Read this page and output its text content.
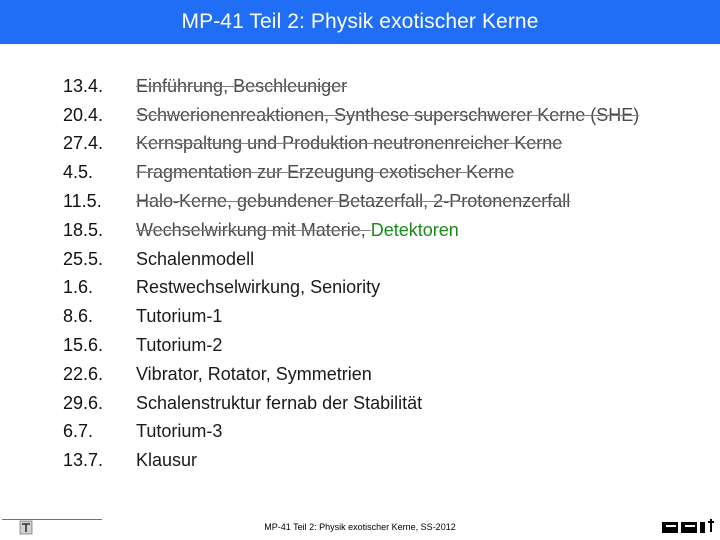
MP-41 Teil 2: Physik exotischer Kerne
13.4.	Einführung, Beschleuniger
20.4.	Schwerionenreaktionen, Synthese superschwerer Kerne (SHE)
27.4.	Kernspaltung und Produktion neutronenreicher Kerne
4.5.	Fragmentation zur Erzeugung exotischer Kerne
11.5.	Halo-Kerne, gebundener Betazerfall, 2-Protonenzerfall
18.5.	Wechselwirkung mit Materie, Detektoren
25.5.	Schalenmodell
1.6.	Restwechselwirkung, Seniority
8.6.	Tutorium-1
15.6.	Tutorium-2
22.6.	Vibrator, Rotator, Symmetrien
29.6.	Schalenstruktur fernab der Stabilität
6.7.	Tutorium-3
13.7.	Klausur
MP-41 Teil 2: Physik exotischer Kerne, SS-2012
